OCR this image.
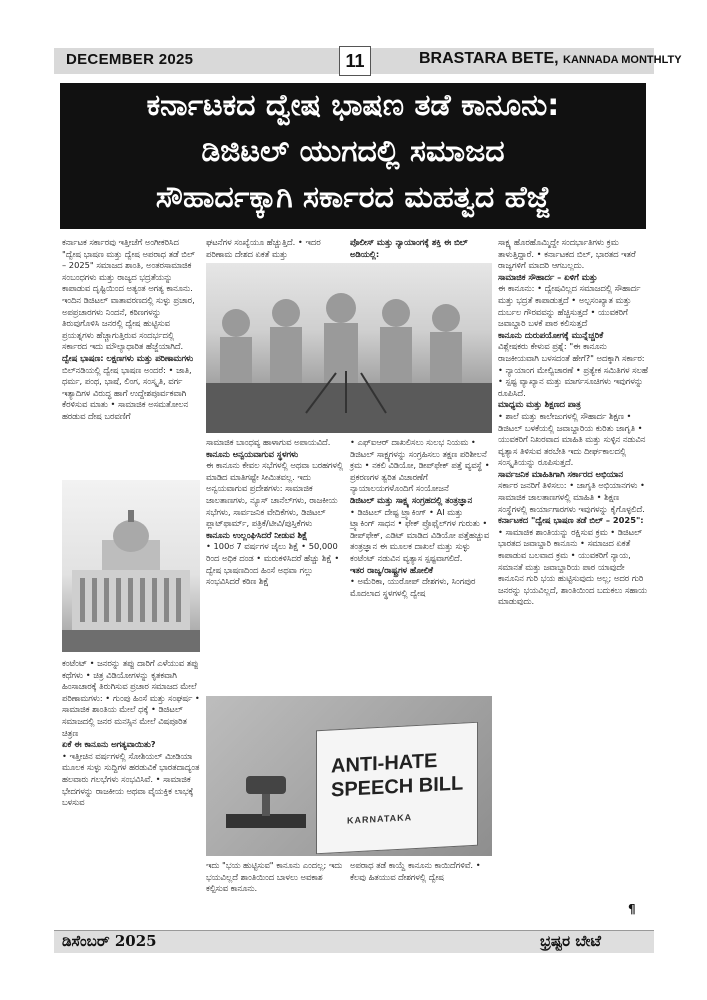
DECEMBER 2025	11	BRASTARA BETE, KANNADA MONTHLTY
ಕರ್ನಾಟಕದ ದ್ವೇಷ ಭಾಷಣ ತಡೆ ಕಾನೂನು:
ಡಿಜಿಟಲ್ ಯುಗದಲ್ಲಿ ಸಮಾಜದ
ಸೌಹಾರ್ದಕ್ಕಾಗಿ ಸರ್ಕಾರದ ಮಹತ್ವದ ಹೆಜ್ಜೆ

ಕರ್ನಾಟಕ ಸರ್ಕಾರವು ಇತ್ತೀಚೆಗೆ ಅಂಗೀಕರಿಸಿದ "ದ್ವೇಷ ಭಾಷಣ ಮತ್ತು ದ್ವೇಷ ಅಪರಾಧ ತಡೆ ಬಿಲ್ – 2025" ಸಮಾಜದ ಶಾಂತಿ, ಅಂತರಸಾಮಾಜಿಕ ಸಂಬಂಧಗಳು ಮತ್ತು ರಾಜ್ಯದ ಭದ್ರತೆಯನ್ನು ಕಾಪಾಡುವ ದೃಷ್ಟಿಯಿಂದ ಅತ್ಯಂತ ಅಗತ್ಯ ಕಾನೂನು. ಇಂದಿನ ಡಿಜಿಟಲ್ ವಾತಾವರಣದಲ್ಲಿ ಸುಳ್ಳು ಪ್ರಚಾರ, ಅಪಪ್ರಚಾರಗಳು ನಿಂದನೆ, ಕಠಿಣಗಳನ್ನು ತಿರುವುಗೊಳಿಸಿ ಜನರಲ್ಲಿ ದ್ವೇಷ ಹುಟ್ಟಿಸುವ ಪ್ರಯತ್ನಗಳು ಹೆಚ್ಚಾಗುತ್ತಿರುವ ಸಂದರ್ಭದಲ್ಲಿ ಸರ್ಕಾರದ ಇದು ಮೌಲ್ಯಾಧಾರಿತ ಹೆಜ್ಜೆಯಾಗಿದೆ.

ದ್ವೇಷ ಭಾಷಣ: ಲಕ್ಷಣಗಳು ಮತ್ತು ಪರಿಣಾಮಗಳು

ಬಿಲ್‌ನಡಿಯಲ್ಲಿ ದ್ವೇಷ ಭಾಷಣ ಅಂದರೆ: • ಜಾತಿ, ಧರ್ಮ, ಪಂಥ, ಭಾಷೆ, ಲಿಂಗ, ಸಂಸ್ಕೃತಿ, ವರ್ಗ ಇತ್ಯಾದಿಗಳ ವಿರುದ್ಧ ಹಾಗೆ ಉದ್ದೇಶಪೂರ್ವಕವಾಗಿ ಕೆರಳಿಸುವ ಮಾತು • ಸಾಮಾಜಿಕ ಅಸಮತೋಲನ ಹರಡುವ ದೇಷ ಬರವಣಿಗೆ

ಕಂಟೆಂಟ್ • ಜನರನ್ನು ತಪ್ಪು ದಾರಿಗೆ ಎಳೆಯುವ ತಪ್ಪು ಕಥೆಗಳು • ಚಿತ್ರ ವಿಡಿಯೋಗಳನ್ನು ಕೃತಕವಾಗಿ ಹಿಂಸಾಚಾರಕ್ಕೆ ತಿರುಗಿಸುವ ಪ್ರಚಾರ ಸಮಾಜದ ಮೇಲೆ ಪರಿಣಾಮಗಳು: • ಗುಂಪು ಹಿಂಸೆ ಮತ್ತು ಸಂಘರ್ಷ • ಸಾಮಾಜಿಕ ಶಾಂತಿಯ ಮೇಲೆ ಧಕ್ಕೆ • ಡಿಜಿಟಲ್ ಸಮಾಜದಲ್ಲಿ ಜನರ ಮನಸ್ಸಿನ ಮೇಲೆ ವಿಷಪೂರಿತ ಚಿತ್ರಣ

ಏಕೆ ಈ ಕಾನೂನು ಅಗತ್ಯವಾಯಿತು?

• ಇತ್ತೀಚಿನ ವರ್ಷಗಳಲ್ಲಿ ಸೋಶಿಯಲ್ ಮೀಡಿಯಾ ಮೂಲಕ ಸುಳ್ಳು ಸುದ್ದಿಗಳ ಹರಡುವಿಕೆ ಭಾರತದಾದ್ಯಂತ ಹಲವಾರು ಗಲಭೆಗಳು ಸಂಭವಿಸಿವೆ. • ಸಾಮಾಜಿಕ ಭೇದಗಳನ್ನು ರಾಜಕೀಯ ಅಥವಾ ವೈಯಕ್ತಿಕ ಲಾಭಕ್ಕೆ ಬಳಸುವ

ಘಟನೆಗಳ ಸಂಖ್ಯೆಯೂ ಹೆಚ್ಚುತ್ತಿದೆ. • ಇದರ ಪರಿಣಾಮ ದೇಶದ ಏಕತೆ ಮತ್ತು

ಪೊಲೀಸ್ ಮತ್ತು ನ್ಯಾಯಾಂಗಕ್ಕೆ ಶಕ್ತಿ ಈ ಬಿಲ್ ಅಡಿಯಲ್ಲಿ:

ಸಾಮಾಜಿಕ ಬಾಂಧವ್ಯ ಹಾಳಾಗುವ ಅಪಾಯವಿದೆ.

ಕಾನೂನು ಅನ್ವಯವಾಗುವ ಸ್ಥಳಗಳು

ಈ ಕಾನೂನು ಕೇವಲ ಸಭೆಗಳಲ್ಲಿ ಅಥವಾ ಬರಹಗಳಲ್ಲಿ ಮಾಡಿದ ಮಾತಿಗಷ್ಟೇ ಸೀಮಿತವಲ್ಲ. ಇದು ಅನ್ವಯವಾಗುವ ಪ್ರದೇಶಗಳು: ಸಾಮಾಜಿಕ ಜಾಲತಾಣಗಳು, ನ್ಯೂಸ್ ಚಾನೆಲ್‌ಗಳು, ರಾಜಕೀಯ ಸಭೆಗಳು, ಸಾರ್ವಜನಿಕ ವೇದಿಕೆಗಳು, ಡಿಜಿಟಲ್ ಪ್ಲಾಟ್‌ಫಾರ್ಮ್‌, ಪತ್ರಿಕೆ/ಟೀವಿ/ಪುಸ್ತಿಕೆಗಳು

ಕಾನೂನು ಉಲ್ಲಂಘಿಸಿದರೆ ನೀಡುವ ಶಿಕ್ಷೆ

• 100ರ 7 ವರ್ಷಗಳ ಜೈಲು ಶಿಕ್ಷೆ • 50,000 ರಿಂದ ಅಧಿಕ ದಂಡ • ಮರುಕಳಿಸಿದರೆ ಹೆಚ್ಚು ಶಿಕ್ಷೆ • ದ್ವೇಷ ಭಾಷಣದಿಂದ ಹಿಂಸೆ ಅಥವಾ ಗಲ್ಲು ಸಂಭವಿಸಿದರೆ ಕಠಿಣ ಶಿಕ್ಷೆ

• ಎಫ್‌ಐಆರ್ ದಾಖಲಿಸಲು ಸುಲಭ ನಿಯಮ • ಡಿಜಿಟಲ್ ಸಾಕ್ಷ್ಯಗಳನ್ನು ಸಂಗ್ರಹಿಸಲು ತಕ್ಷಣ ಪರಿಶೀಲನೆ ಕ್ರಮ • ನಕಲಿ ವಿಡಿಯೋ, ಡೀಪ್‌ಫೇಕ್ ಪತ್ತೆ ವ್ಯವಸ್ಥೆ • ಪ್ರಕರಣಗಳ ತ್ವರಿತ ವಿಚಾರಣೆಗೆ ನ್ಯಾಯಾಲಯಗಳೊಂದಿಗೆ ಸಂಯೋಜನೆ

ಡಿಜಿಟಲ್ ಮತ್ತು ಸಾಕ್ಷ್ಯ ಸಂಗ್ರಹದಲ್ಲಿ ತಂತ್ರಜ್ಞಾನ

• ಡಿಜಿಟಲ್ ದೇಷ್ಟ ಟ್ರ್ಯಾಕಿಂಗ್ • AI ಮತ್ತು ಟ್ರ್ಯಾಕಿಂಗ್ ಸಾಧನ • ಫೇಕ್ ಪ್ರೊಫೈಲ್‌ಗಳ ಗುರುತು • ಡೀಪ್‌ಫೇಕ್, ಎಡಿಟ್ ಮಾಡಿದ ವಿಡಿಯೋ ಪತ್ತೆಹಚ್ಚುವ ತಂತ್ರಜ್ಞಾನ ಈ ಮೂಲಕ ದಾಖಲೆ ಮತ್ತು ಸುಳ್ಳು ಕಂಟೆಂಟ್ ನಡುವಿನ ವ್ಯತ್ಯಾಸ ಸ್ಪಷ್ಟವಾಗಲಿದೆ.

ಇತರ ರಾಜ್ಯ/ರಾಷ್ಟ್ರಗಳ ಹೋಲಿಕೆ

• ಅಮೆರಿಕಾ, ಯುರೋಪ್ ದೇಶಗಳು, ಸಿಂಗಪುರ ಮೊದಲಾದ ಸ್ಥಳಗಳಲ್ಲಿ ದ್ವೇಷ

ANTI-HATE
SPEECH BILL
KARNATAKA

ಇದು "ಭಯ ಹುಟ್ಟಿಸುವ" ಕಾನೂನು ಎಂದಲ್ಲ; ಇದು ಭಯವಿಲ್ಲದೆ ಶಾಂತಿಯಿಂದ ಬಾಳಲು ಅವಕಾಶ ಕಲ್ಪಿಸುವ ಕಾನೂನು.

ಅಪರಾಧ ತಡೆ ಕಾಯ್ದೆ ಕಾನೂನು ಕಾಯಿದೆಗಳಿವೆ. • ಕೆಲವು ಹಿತಯುವ ದೇಶಗಳಲ್ಲಿ ದ್ವೇಷ

ಸಾಕ್ಷ್ಯ ಹೊರಹೊಮ್ಮಿದ್ದೇ ಸಂದರ್ಭಾತಿಗಳು ಕ್ರಮ ತಾಳುತ್ತಿದ್ದಾರೆ. • ಕರ್ನಾಟಕದ ಬಿಲ್, ಭಾರತದ ಇತರೆ ರಾಜ್ಯಗಳಿಗೆ ಮಾದರಿ ಆಗಬಲ್ಲದು.

ಸಾಮಾಜಿಕ ಸೌಹಾರ್ದ – ಏಳಿಗೆ ಮತ್ತು

ಈ ಕಾನೂನು: • ದ್ವೇಷವಿಲ್ಲದ ಸಮಾಜದಲ್ಲಿ ಸೌಹಾರ್ದ ಮತ್ತು ಭದ್ರತೆ ಕಾಪಾಡುತ್ತದೆ • ಅಲ್ಪಸಂಖ್ಯಾತ ಮತ್ತು ದುರ್ಬಲ ಗೌರವವನ್ನು ಹೆಚ್ಚಿಸುತ್ತದೆ • ಯುವಕರಿಗೆ ಜವಾಬ್ದಾರಿ ಬಳಕೆ ಪಾಠ ಕಲಿಸುತ್ತದೆ

ಕಾನೂನು ದುರುಪಯೋಗಕ್ಕೆ ಮುನ್ನೆಚ್ಚರಿಕೆ

ವಿಶ್ಲೇಷಕರು ಕೇಳುವ ಪ್ರಶ್ನೆ: "ಈ ಕಾನೂನು ರಾಜಕೀಯವಾಗಿ ಬಳಸದಂತೆ ಹೇಗೆ?" ಅದಕ್ಕಾಗಿ ಸರ್ಕಾರ: • ನ್ಯಾಯಾಂಗ ಮೇಲ್ವಿಚಾರಣೆ • ಪ್ರತ್ಯೇಕ ಸಮಿತಿಗಳ ಸಲಹೆ • ಸ್ಪಷ್ಟ ವ್ಯಾಖ್ಯಾನ ಮತ್ತು ಮಾರ್ಗಸೂಚಿಗಳು ಇವುಗಳನ್ನು ರೂಪಿಸಿದೆ.

ಮಾಧ್ಯಮ ಮತ್ತು ಶಿಕ್ಷಣದ ಪಾತ್ರ

• ಶಾಲೆ ಮತ್ತು ಕಾಲೇಜುಗಳಲ್ಲಿ ಸೌಹಾರ್ದ ಶಿಕ್ಷಣ • ಡಿಜಿಟಲ್ ಬಳಕೆಯಲ್ಲಿ ಜವಾಬ್ದಾರಿಯ ಕುರಿತು ಜಾಗೃತಿ • ಯುವಕರಿಗೆ ನಿಖರವಾದ ಮಾಹಿತಿ ಮತ್ತು ಸುಳ್ಳಿನ ನಡುವಿನ ವ್ಯತ್ಯಾಸ ತಿಳಿಸುವ ತರಬೇತಿ ಇದು ದೀರ್ಘಕಾಲದಲ್ಲಿ ಸಂಸ್ಕೃತಿಯನ್ನು ರೂಪಿಸುತ್ತದೆ.

ಸಾರ್ವಜನಿಕ ಮಾಹಿತಿಗಾಗಿ ಸರ್ಕಾರದ ಅಭಿಯಾನ

ಸರ್ಕಾರ ಜನರಿಗೆ ತಿಳಿಸಲು: • ಜಾಗೃತಿ ಅಭಿಯಾನಗಳು • ಸಾಮಾಜಿಕ ಜಾಲತಾಣಗಳಲ್ಲಿ ಮಾಹಿತಿ • ಶಿಕ್ಷಣ ಸಂಸ್ಥೆಗಳಲ್ಲಿ ಕಾರ್ಯಾಗಾರಗಳು ಇವುಗಳನ್ನು ಕೈಗೊಳ್ಳಲಿದೆ.

ಕರ್ನಾಟಕದ "ದ್ವೇಷ ಭಾಷಣ ತಡೆ ಬಿಲ್ – 2025":

• ಸಾಮಾಜಿಕ ಶಾಂತಿಯನ್ನು ರಕ್ಷಿಸುವ ಕ್ರಮ • ಡಿಜಿಟಲ್ ಭಾರತದ ಜವಾಬ್ದಾರಿ ಕಾನೂನು • ಸಮಾಜದ ಏಕತೆ ಕಾಪಾಡುವ ಬಲವಾದ ಕ್ರಮ • ಯುವಕರಿಗೆ ನ್ಯಾಯ, ಸಮಾನತೆ ಮತ್ತು ಜವಾಬ್ದಾರಿಯ ಪಾಠ ಯಾವುದೇ ಕಾನೂನಿನ ಗುರಿ ಭಯ ಹುಟ್ಟಿಸುವುದು ಅಲ್ಲ; ಅದರ ಗುರಿ ಜನರನ್ನು ಭಯವಿಲ್ಲದೆ, ಶಾಂತಿಯಿಂದ ಬದುಕಲು ಸಹಾಯ ಮಾಡುವುದು.

¶
ಡಿಸೆಂಬರ್ 2025	ಭ್ರಷ್ಟರ ಬೇಟೆ
